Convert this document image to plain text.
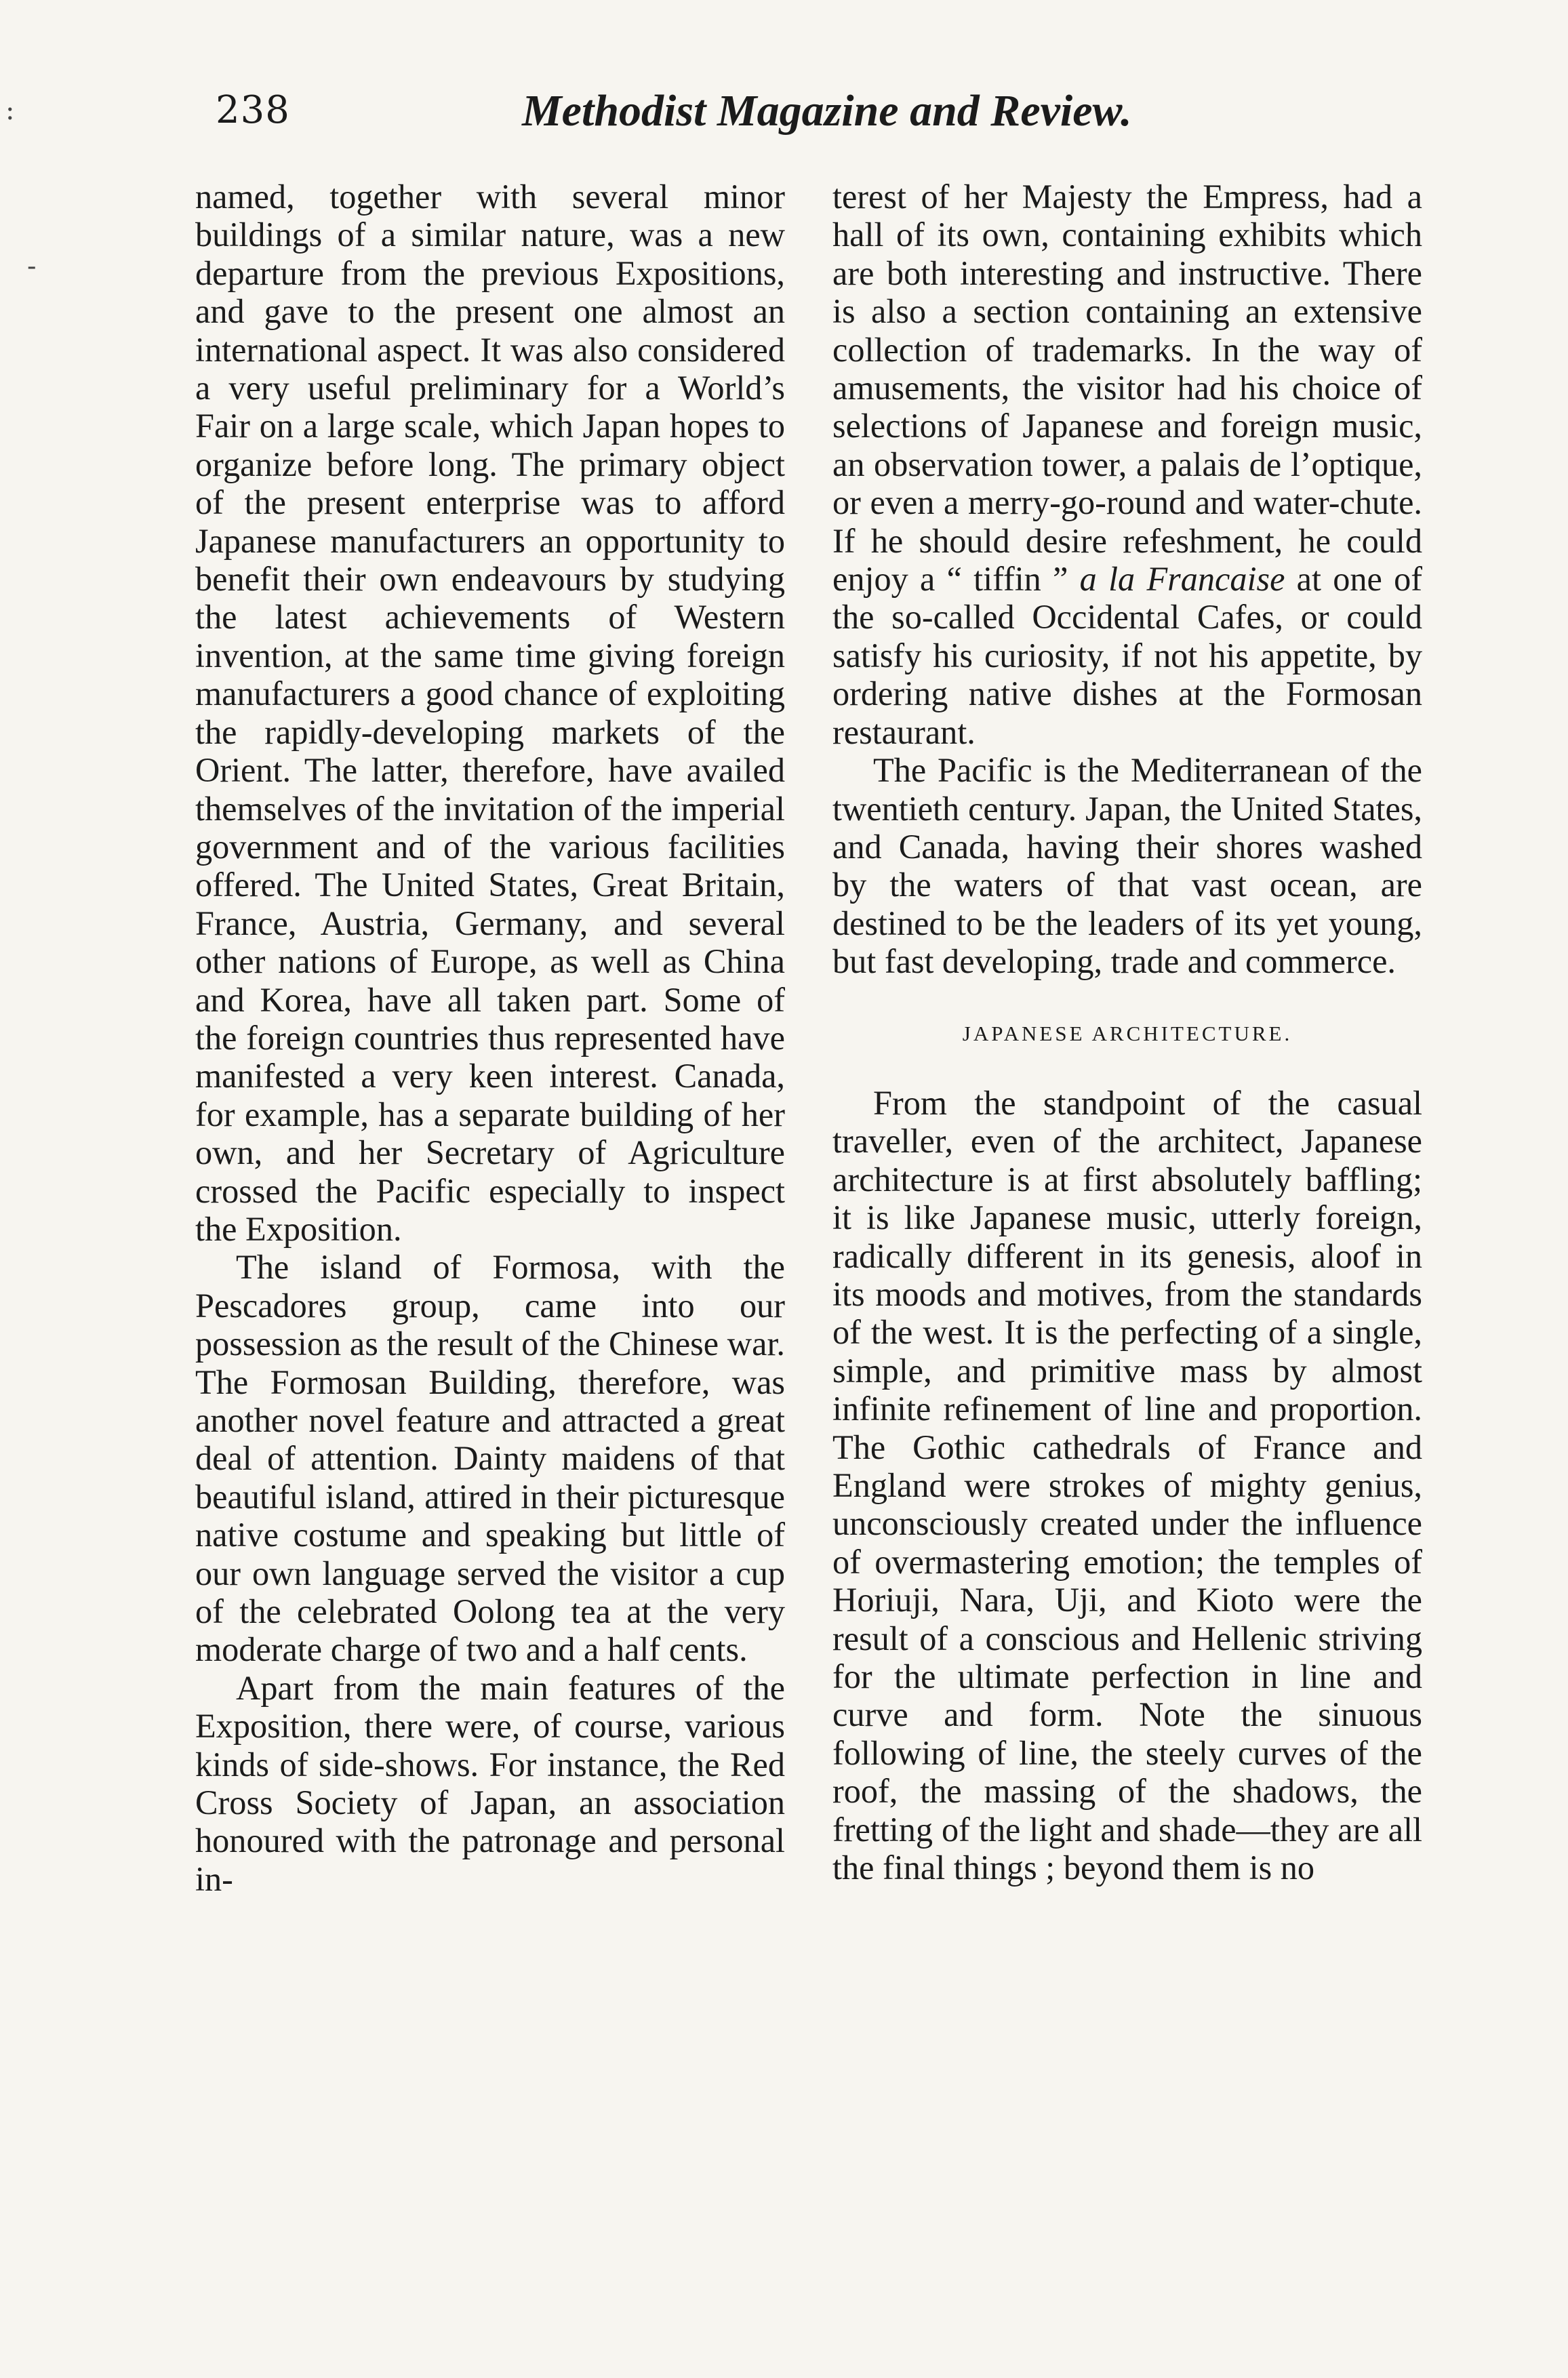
238	Methodist Magazine and Review.
:
-

named, together with several minor buildings of a similar nature, was a new departure from the previous Expositions, and gave to the present one almost an international aspect. It was also considered a very useful preliminary for a World’s Fair on a large scale, which Japan hopes to organize before long. The primary object of the present enterprise was to afford Japanese manufacturers an opportunity to benefit their own endeavours by studying the latest achievements of Western invention, at the same time giving foreign manufacturers a good chance of exploiting the rapidly-developing markets of the Orient. The latter, therefore, have availed themselves of the invitation of the imperial government and of the various facilities offered. The United States, Great Britain, France, Austria, Germany, and several other nations of Europe, as well as China and Korea, have all taken part. Some of the foreign countries thus represented have manifested a very keen interest. Canada, for example, has a separate building of her own, and her Secretary of Agriculture crossed the Pacific especially to inspect the Exposition.

The island of Formosa, with the Pescadores group, came into our possession as the result of the Chinese war. The Formosan Building, therefore, was another novel feature and attracted a great deal of attention. Dainty maidens of that beautiful island, attired in their picturesque native costume and speaking but little of our own language served the visitor a cup of the celebrated Oolong tea at the very moderate charge of two and a half cents.

Apart from the main features of the Exposition, there were, of course, various kinds of side-shows. For instance, the Red Cross Society of Japan, an association honoured with the patronage and personal in-

terest of her Majesty the Empress, had a hall of its own, containing exhibits which are both interesting and instructive. There is also a section containing an extensive collection of trademarks. In the way of amusements, the visitor had his choice of selections of Japanese and foreign music, an observation tower, a palais de l’optique, or even a merry-go-round and water-chute. If he should desire refeshment, he could enjoy a “ tiffin ” a la Francaise at one of the so-called Occidental Cafes, or could satisfy his curiosity, if not his appetite, by ordering native dishes at the Formosan restaurant.

The Pacific is the Mediterranean of the twentieth century. Japan, the United States, and Canada, having their shores washed by the waters of that vast ocean, are destined to be the leaders of its yet young, but fast developing, trade and commerce.

JAPANESE ARCHITECTURE.

From the standpoint of the casual traveller, even of the architect, Japanese architecture is at first absolutely baffling; it is like Japanese music, utterly foreign, radically different in its genesis, aloof in its moods and motives, from the standards of the west. It is the perfecting of a single, simple, and primitive mass by almost infinite refinement of line and proportion. The Gothic cathedrals of France and England were strokes of mighty genius, unconsciously created under the influence of overmastering emotion; the temples of Horiuji, Nara, Uji, and Kioto were the result of a conscious and Hellenic striving for the ultimate perfection in line and curve and form. Note the sinuous following of line, the steely curves of the roof, the massing of the shadows, the fretting of the light and shade—they are all the final things ; beyond them is no
